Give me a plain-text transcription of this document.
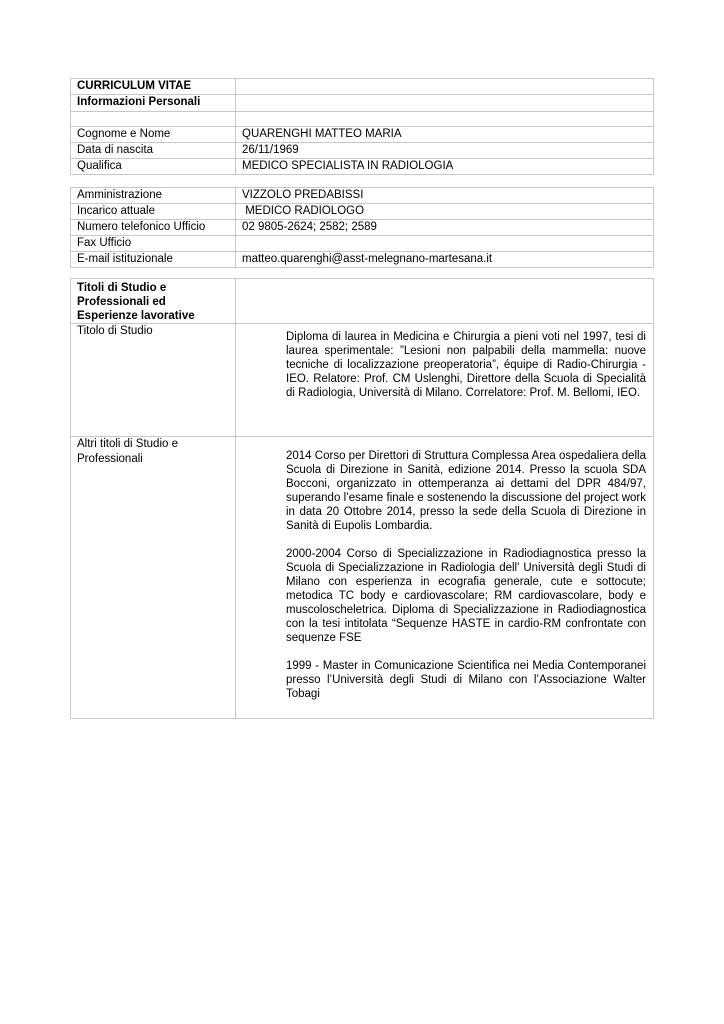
CURRICULUM VITAE	
Informazioni Personali	

Cognome e Nome	QUARENGHI MATTEO MARIA
Data di nascita	26/11/1969
Qualifica	MEDICO SPECIALISTA IN RADIOLOGIA
Amministrazione	VIZZOLO PREDABISSI
Incarico attuale	MEDICO RADIOLOGO
Numero telefonico Ufficio	02 9805-2624; 2582; 2589
Fax Ufficio	
E-mail istituzionale	matteo.quarenghi@asst-melegnano-martesana.it
Titoli di Studio e Professionali ed Esperienze lavorative	
Titolo di Studio	Diploma di laurea in Medicina e Chirurgia a pieni voti nel 1997, tesi di laurea sperimentale: ”Lesioni non palpabili della mammella: nuove tecniche di localizzazione preoperatoria”, équipe di Radio-Chirurgia - IEO. Relatore: Prof. CM Uslenghi, Direttore della Scuola di Specialità di Radiologia, Università di Milano. Correlatore: Prof. M. Bellomi, IEO.

Altri titoli di Studio e Professionali	2014 Corso per Direttori di Struttura Complessa Area ospedaliera della Scuola di Direzione in Sanità, edizione 2014. Presso la scuola SDA Bocconi, organizzato in ottemperanza ai dettami del DPR 484/97, superando l’esame finale e sostenendo la discussione del project work in data 20 Ottobre 2014, presso la sede della Scuola di Direzione in Sanità di Eupolis Lombardia.

2000-2004 Corso di Specializzazione in Radiodiagnostica presso la Scuola di Specializzazione in Radiologia dell' Università degli Studi di Milano con esperienza in ecografia generale, cute e sottocute; metodica TC body e cardiovascolare; RM cardiovascolare, body e muscoloscheletrica. Diploma di Specializzazione in Radiodiagnostica con la tesi intitolata “Sequenze HASTE in cardio-RM confrontate con sequenze FSE

1999 - Master in Comunicazione Scientifica nei Media Contemporanei presso l’Università degli Studi di Milano con l’Associazione Walter Tobagi
